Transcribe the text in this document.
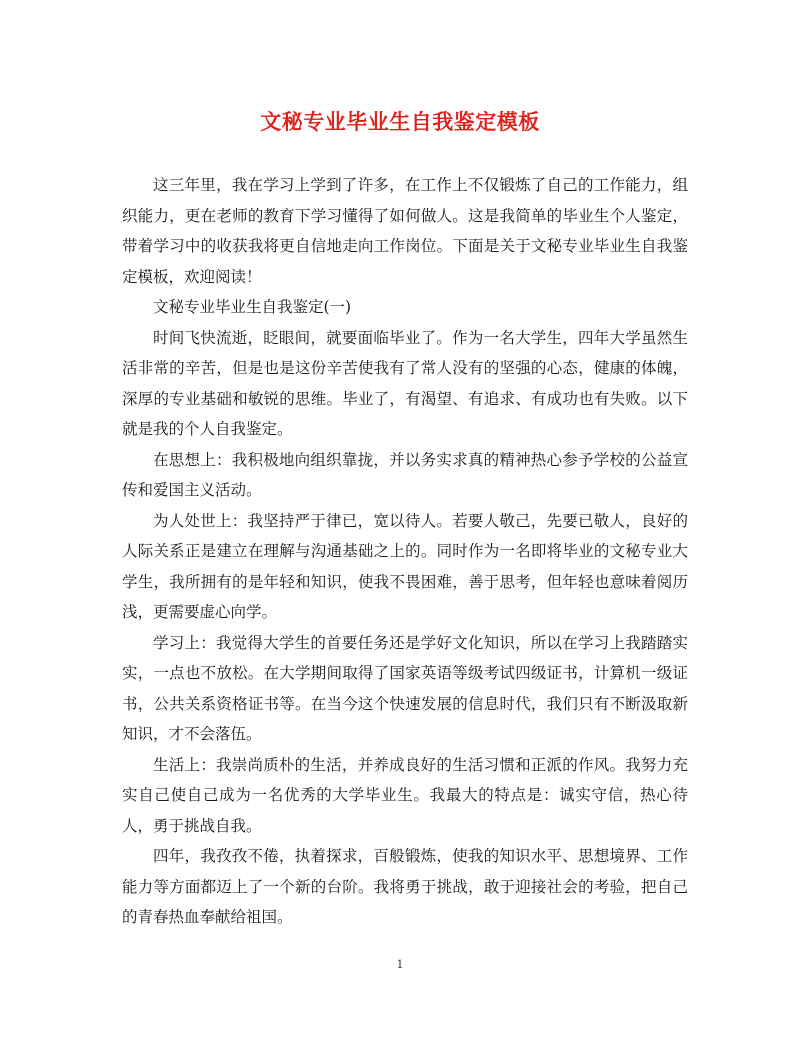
文秘专业毕业生自我鉴定模板

这三年里，我在学习上学到了许多，在工作上不仅锻炼了自己的工作能力，组织能力，更在老师的教育下学习懂得了如何做人。这是我简单的毕业生个人鉴定，带着学习中的收获我将更自信地走向工作岗位。下面是关于文秘专业毕业生自我鉴定模板，欢迎阅读！

文秘专业毕业生自我鉴定(一)

时间飞快流逝，眨眼间，就要面临毕业了。作为一名大学生，四年大学虽然生活非常的辛苦，但是也是这份辛苦使我有了常人没有的坚强的心态，健康的体魄，深厚的专业基础和敏锐的思维。毕业了，有渴望、有追求、有成功也有失败。以下就是我的个人自我鉴定。

在思想上：我积极地向组织靠拢，并以务实求真的精神热心参予学校的公益宣传和爱国主义活动。

为人处世上：我坚持严于律已，宽以待人。若要人敬己，先要已敬人，良好的人际关系正是建立在理解与沟通基础之上的。同时作为一名即将毕业的文秘专业大学生，我所拥有的是年轻和知识，使我不畏困难，善于思考，但年轻也意味着阅历浅，更需要虚心向学。

学习上：我觉得大学生的首要任务还是学好文化知识，所以在学习上我踏踏实实，一点也不放松。在大学期间取得了国家英语等级考试四级证书，计算机一级证书，公共关系资格证书等。在当今这个快速发展的信息时代，我们只有不断汲取新知识，才不会落伍。

生活上：我崇尚质朴的生活，并养成良好的生活习惯和正派的作风。我努力充实自己使自己成为一名优秀的大学毕业生。我最大的特点是：诚实守信，热心待人，勇于挑战自我。

四年，我孜孜不倦，执着探求，百般锻炼，使我的知识水平、思想境界、工作能力等方面都迈上了一个新的台阶。我将勇于挑战，敢于迎接社会的考验，把自己的青春热血奉献给祖国。

1
